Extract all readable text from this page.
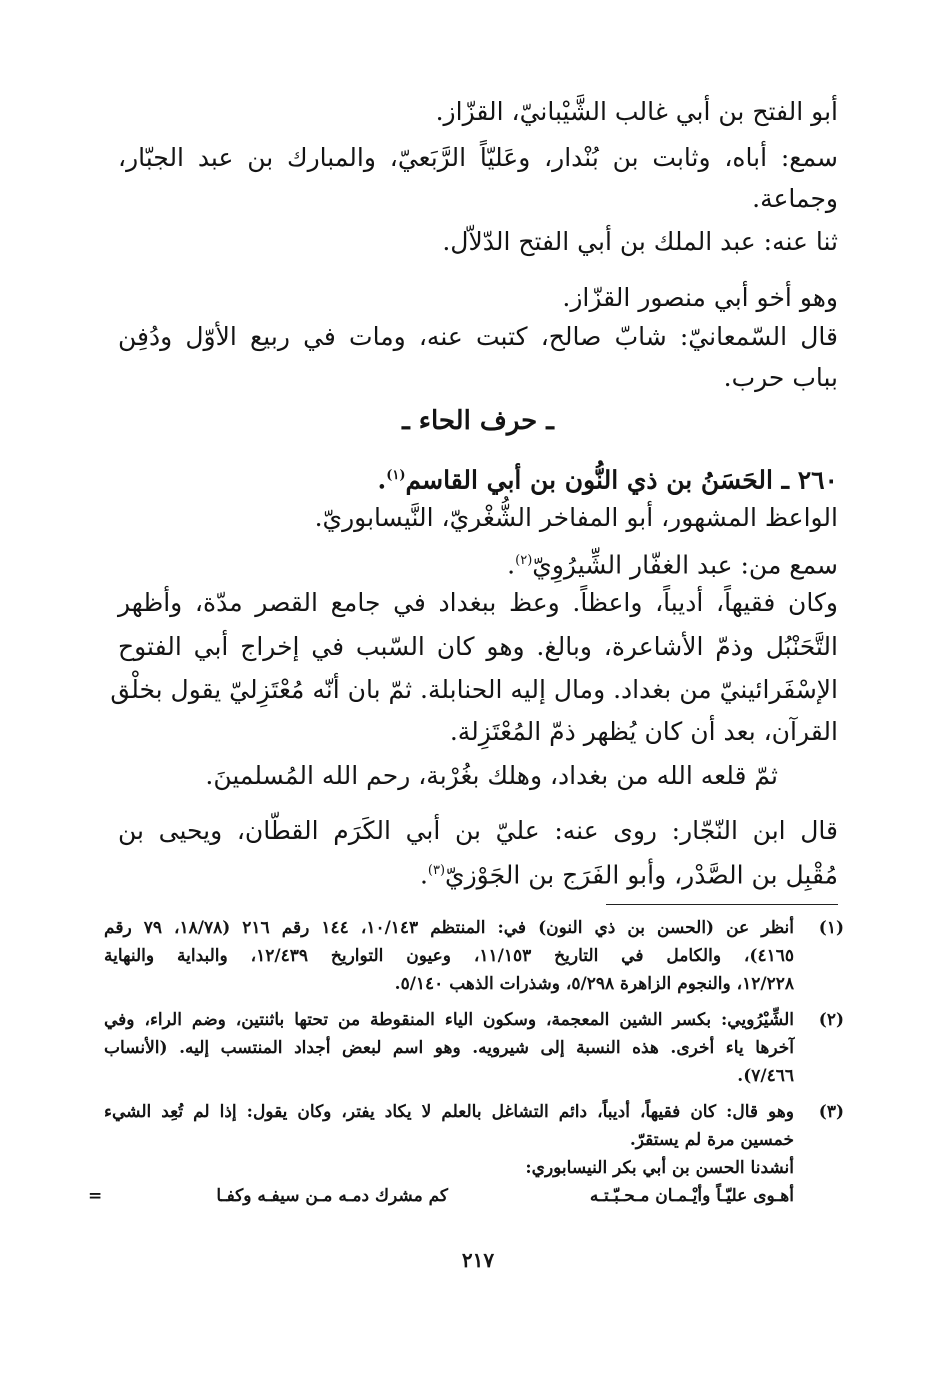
أبو الفتح بن أبي غالب الشَّيْبانيّ، القزّاز.
سمع: أباه، وثابت بن بُنْدار، وعَليّاً الرَّبَعيّ، والمبارك بن عبد الجبّار،
وجماعة.
ثنا عنه: عبد الملك بن أبي الفتح الدّلاّل.
وهو أخو أبي منصور القزّاز.
قال السّمعانيّ: شابّ صالح، كتبت عنه، ومات في ربيع الأوّل ودُفِن
بباب حرب.
ـ حرف الحاء ـ
٢٦٠ ـ الحَسَنُ بن ذي النُّون بن أبي القاسم$^{(١)}$.
الواعظ المشهور، أبو المفاخر الشُّغْريّ، النَّيسابوريّ.
سمع من: عبد الغفّار الشِّيرُوِيّ$^{(٢)}$.
وكان فقيهاً، أديباً، واعظاً. وعظ ببغداد في جامع القصر مدّة، وأظهر
التَّحَنْبُل وذمّ الأشاعرة، وبالغ. وهو كان السّبب في إخراج أبي الفتوح
الإسْفَرائينيّ من بغداد. ومال إليه الحنابلة. ثمّ بان أنّه مُعْتَزِليّ يقول بخلْق
القرآن، بعد أن كان يُظهر ذمّ المُعْتَزِلة.
ثمّ قلعه الله من بغداد، وهلك بغُرْبة، رحم الله المُسلمينَ.
قال ابن النّجّار: روى عنه: عليّ بن أبي الكَرَم القطّان، ويحيى بن
مُقْبِل بن الصَّدْر، وأبو الفَرَج بن الجَوْزيّ$^{(٣)}$.
(١)
أنظر عن (الحسن بن ذي النون) في: المنتظم ١٠/١٤٣، ١٤٤ رقم ٢١٦ (١٨/٧٨، ٧٩ رقم
٤١٦٥)، والكامل في التاريخ ١١/١٥٣، وعيون التواريخ ١٢/٤٣٩، والبداية والنهاية
١٢/٢٢٨، والنجوم الزاهرة ٥/٢٩٨، وشذرات الذهب ٥/١٤٠.
(٢)
الشِّيْرُويي: بكسر الشين المعجمة، وسكون الياء المنقوطة من تحتها باثنتين، وضم الراء، وفي
آخرها ياء أخرى. هذه النسبة إلى شيرويه. وهو اسم لبعض أجداد المنتسب إليه. (الأنساب
٧/٤٦٦).
(٣)
وهو قال: كان فقيهاً، أديباً، دائم التشاغل بالعلم لا يكاد يفتر، وكان يقول: إذا لم تُعِد الشيء
خمسين مرة لم يستقرّ.
أنشدنا الحسن بن أبي بكر النيسابوري:
أهـوى عليّـاً وأيْـمـان مـحـبّـتـه
كم مشرك دمـه مـن سيفـه وكفـا
=
٢١٧
